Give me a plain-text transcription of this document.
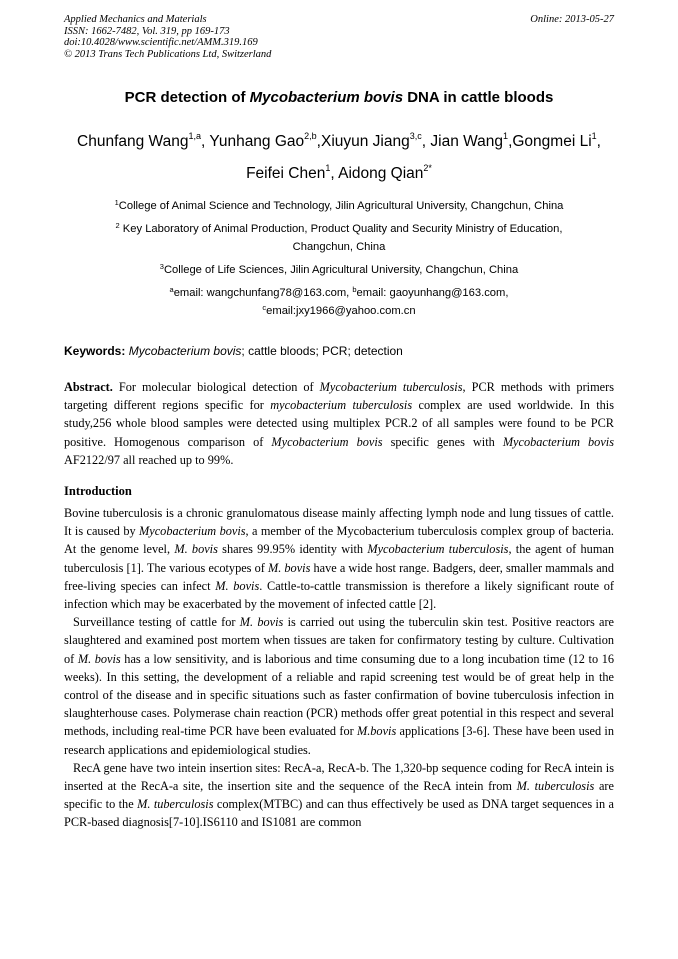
Applied Mechanics and Materials
ISSN: 1662-7482, Vol. 319, pp 169-173
doi:10.4028/www.scientific.net/AMM.319.169
© 2013 Trans Tech Publications Ltd, Switzerland
Online: 2013-05-27
PCR detection of Mycobacterium bovis DNA in cattle bloods
Chunfang Wang$^{1,a}$, Yunhang Gao$^{2,b}$,Xiuyun Jiang$^{3,c}$, Jian Wang$^1$,Gongmei Li$^1$,
Feifei Chen$^1$, Aidong Qian$^{2*}$
$^1$College of Animal Science and Technology, Jilin Agricultural University, Changchun, China
$^2$ Key Laboratory of Animal Production, Product Quality and Security Ministry of Education,
Changchun, China
$^3$College of Life Sciences, Jilin Agricultural University, Changchun, China
$^a$email: wangchunfang78@163.com, $^b$email: gaoyunhang@163.com,
$^c$email:jxy1966@yahoo.com.cn
Keywords: Mycobacterium bovis; cattle bloods; PCR; detection
Abstract. For molecular biological detection of Mycobacterium tuberculosis, PCR methods with primers targeting different regions specific for mycobacterium tuberculosis complex are used worldwide. In this study,256 whole blood samples were detected using multiplex PCR.2 of all samples were found to be PCR positive. Homogenous comparison of Mycobacterium bovis specific genes with Mycobacterium bovis AF2122/97 all reached up to 99%.
Introduction

Bovine tuberculosis is a chronic granulomatous disease mainly affecting lymph node and lung tissues of cattle. It is caused by Mycobacterium bovis, a member of the Mycobacterium tuberculosis complex group of bacteria. At the genome level, M. bovis shares 99.95% identity with Mycobacterium tuberculosis, the agent of human tuberculosis [1]. The various ecotypes of M. bovis have a wide host range. Badgers, deer, smaller mammals and free-living species can infect M. bovis. Cattle-to-cattle transmission is therefore a likely significant route of infection which may be exacerbated by the movement of infected cattle [2].

Surveillance testing of cattle for M. bovis is carried out using the tuberculin skin test. Positive reactors are slaughtered and examined post mortem when tissues are taken for confirmatory testing by culture. Cultivation of M. bovis has a low sensitivity, and is laborious and time consuming due to a long incubation time (12 to 16 weeks). In this setting, the development of a reliable and rapid screening test would be of great help in the control of the disease and in specific situations such as faster confirmation of bovine tuberculosis infection in slaughterhouse cases. Polymerase chain reaction (PCR) methods offer great potential in this respect and several methods, including real-time PCR have been evaluated for M.bovis applications [3-6]. These have been used in research applications and epidemiological studies.

RecA gene have two intein insertion sites: RecA-a, RecA-b. The 1,320-bp sequence coding for RecA intein is inserted at the RecA-a site, the insertion site and the sequence of the RecA intein from M. tuberculosis are specific to the M. tuberculosis complex(MTBC) and can thus effectively be used as DNA target sequences in a PCR-based diagnosis[7-10].IS6110 and IS1081 are common
